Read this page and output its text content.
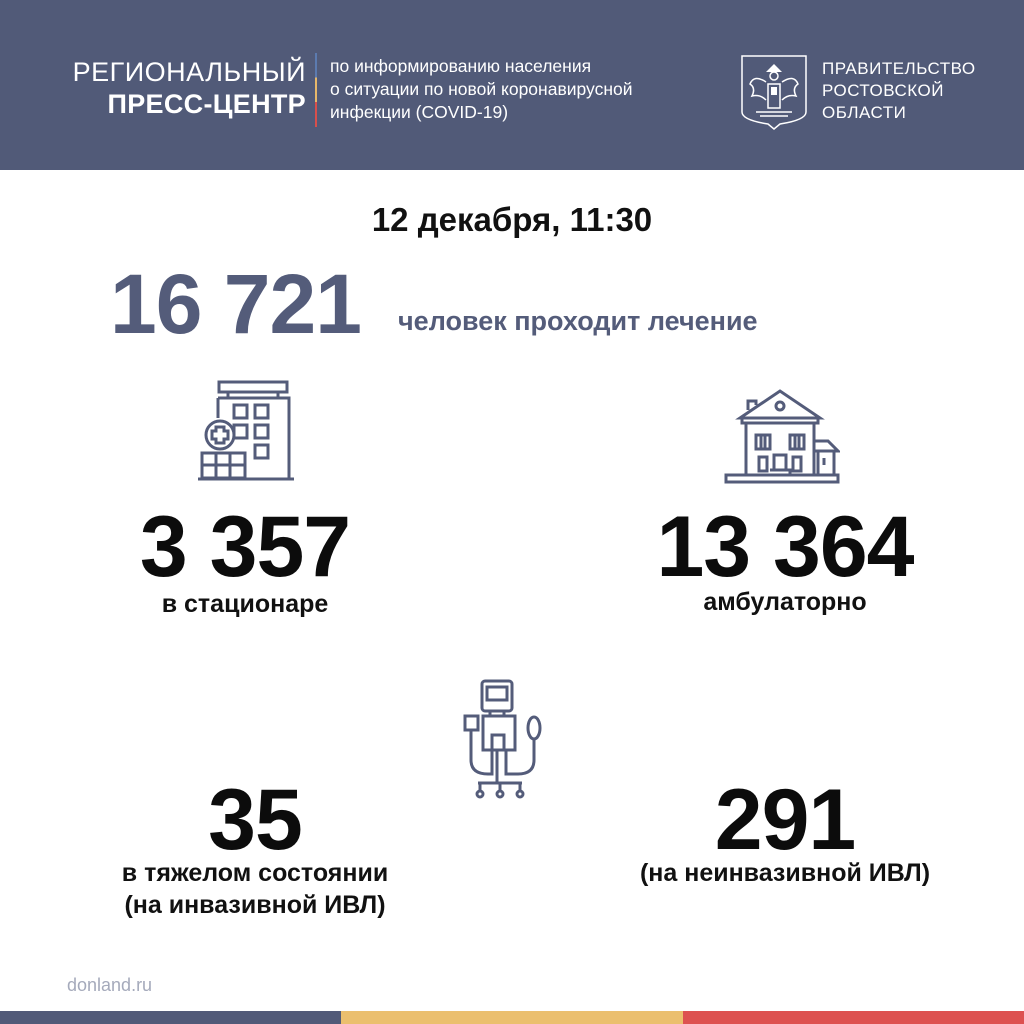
РЕГИОНАЛЬНЫЙ
ПРЕСС-ЦЕНТР
по информированию населения
о ситуации по новой коронавирусной
инфекции (COVID-19)
ПРАВИТЕЛЬСТВО
РОСТОВСКОЙ
ОБЛАСТИ
12 декабря, 11:30
16 721 человек проходит лечение
3 357
в стационаре
13 364
амбулаторно
35
в тяжелом состоянии
(на инвазивной ИВЛ)
291
(на неинвазивной ИВЛ)
donland.ru
